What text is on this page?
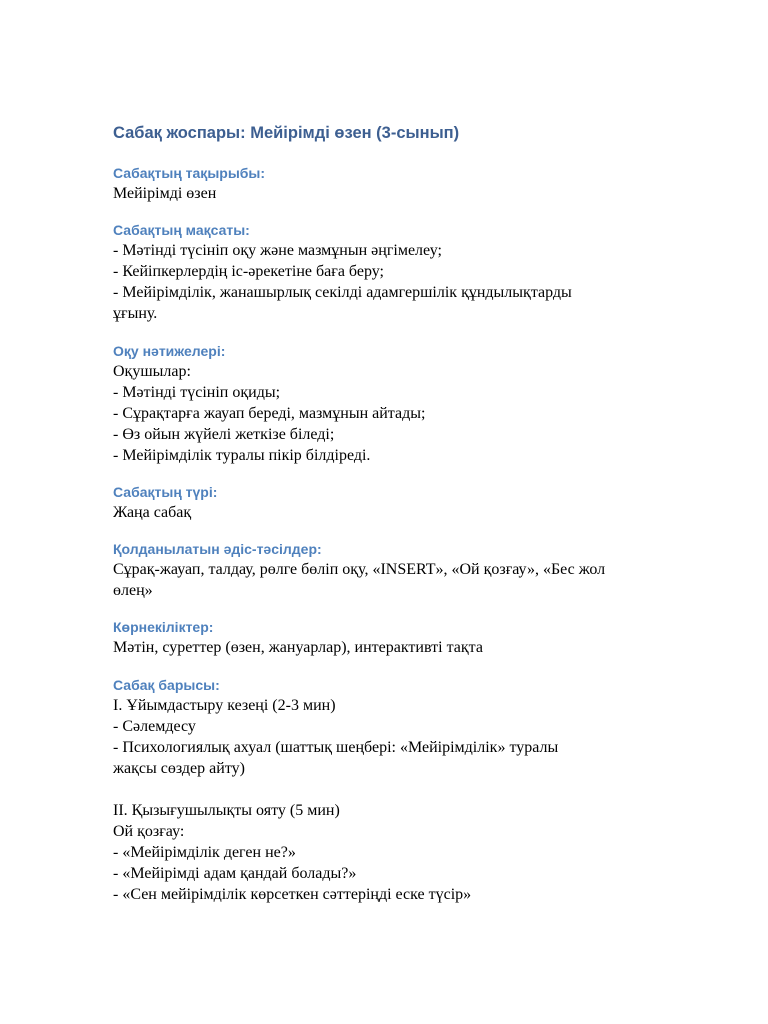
Сабақ жоспары: Мейірімді өзен (3-сынып)
Сабақтың тақырыбы:
Мейірімді өзен
Сабақтың мақсаты:
- Мәтінді түсініп оқу және мазмұнын әңгімелеу;
- Кейіпкерлердің іс-әрекетіне баға беру;
- Мейірімділік, жанашырлық секілді адамгершілік құндылықтарды
ұғыну.
Оқу нәтижелері:
Оқушылар:
- Мәтінді түсініп оқиды;
- Сұрақтарға жауап береді, мазмұнын айтады;
- Өз ойын жүйелі жеткізе біледі;
- Мейірімділік туралы пікір білдіреді.
Сабақтың түрі:
Жаңа сабақ
Қолданылатын әдіс-тәсілдер:
Сұрақ-жауап, талдау, рөлге бөліп оқу, «INSERT», «Ой қозғау», «Бес жол
өлең»
Көрнекіліктер:
Мәтін, суреттер (өзен, жануарлар), интерактивті тақта
Сабақ барысы:
I. Ұйымдастыру кезеңі (2-3 мин)
- Сәлемдесу
- Психологиялық ахуал (шаттық шеңбері: «Мейірімділік» туралы
жақсы сөздер айту)
II. Қызығушылықты ояту (5 мин)
Ой қозғау:
- «Мейірімділік деген не?»
- «Мейірімді адам қандай болады?»
- «Сен мейірімділік көрсеткен сәттеріңді еске түсір»
